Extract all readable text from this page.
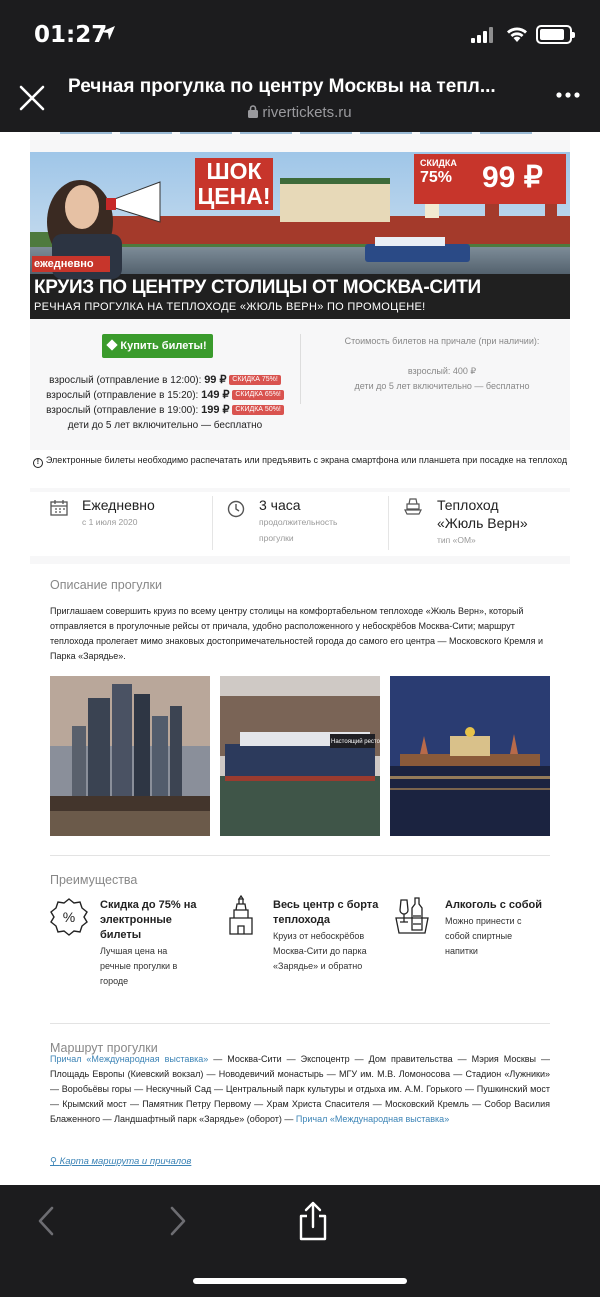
01:27
Речная прогулка по центру Москвы на тепл...
rivertickets.ru
ШОК
ЦЕНА!
СКИДКА
75% 99 ₽
ежедневно
КРУИЗ ПО ЦЕНТРУ СТОЛИЦЫ ОТ МОСКВА-СИТИ
РЕЧНАЯ ПРОГУЛКА НА ТЕПЛОХОДЕ «ЖЮЛЬ ВЕРН» ПО ПРОМОЦЕНЕ!
Купить билеты!
взрослый (отправление в 12:00): 99 ₽ СКИДКА 75%!
взрослый (отправление в 15:20): 149 ₽ СКИДКА 65%!
взрослый (отправление в 19:00): 199 ₽ СКИДКА 50%!
дети до 5 лет включительно — бесплатно
Стоимость билетов на причале (при наличии):
взрослый: 400 ₽
дети до 5 лет включительно — бесплатно
! Электронные билеты необходимо распечатать или предъявить с экрана смартфона или планшета при посадке на теплоход
Ежедневно
с 1 июля 2020
3 часа
продолжительность
прогулки
Теплоход
«Жюль Верн»
тип «ОМ»
Описание прогулки
Приглашаем совершить круиз по всему центру столицы на комфортабельном теплоходе «Жюль Верн», который отправляется в прогулочные рейсы от причала, удобно расположенного у небоскрёбов Москва-Сити; маршрут теплохода пролегает мимо знаковых достопримечательностей города до самого его центра — Московского Кремля и Парка «Зарядье».
Настоящий ресторан
Преимущества
%
Скидка до 75% на электронные билеты
Лучшая цена на речные прогулки в городе
Весь центр с борта теплохода
Круиз от небоскрёбов Москва-Сити до парка «Зарядье» и обратно
Алкоголь с собой
Можно принести с собой спиртные напитки
Маршрут прогулки
Причал «Международная выставка» — Москва-Сити — Экспоцентр — Дом правительства — Мэрия Москвы — Площадь Европы (Киевский вокзал) — Новодевичий монастырь — МГУ им. М.В. Ломоносова — Стадион «Лужники» — Воробьёвы горы — Нескучный Сад — Центральный парк культуры и отдыха им. А.М. Горького — Пушкинский мост — Крымский мост — Памятник Петру Первому — Храм Христа Спасителя — Московский Кремль — Собор Василия Блаженного — Ландшафтный парк «Зарядье» (оборот) — Причал «Международная выставка»
⚲ Карта маршрута и причалов
